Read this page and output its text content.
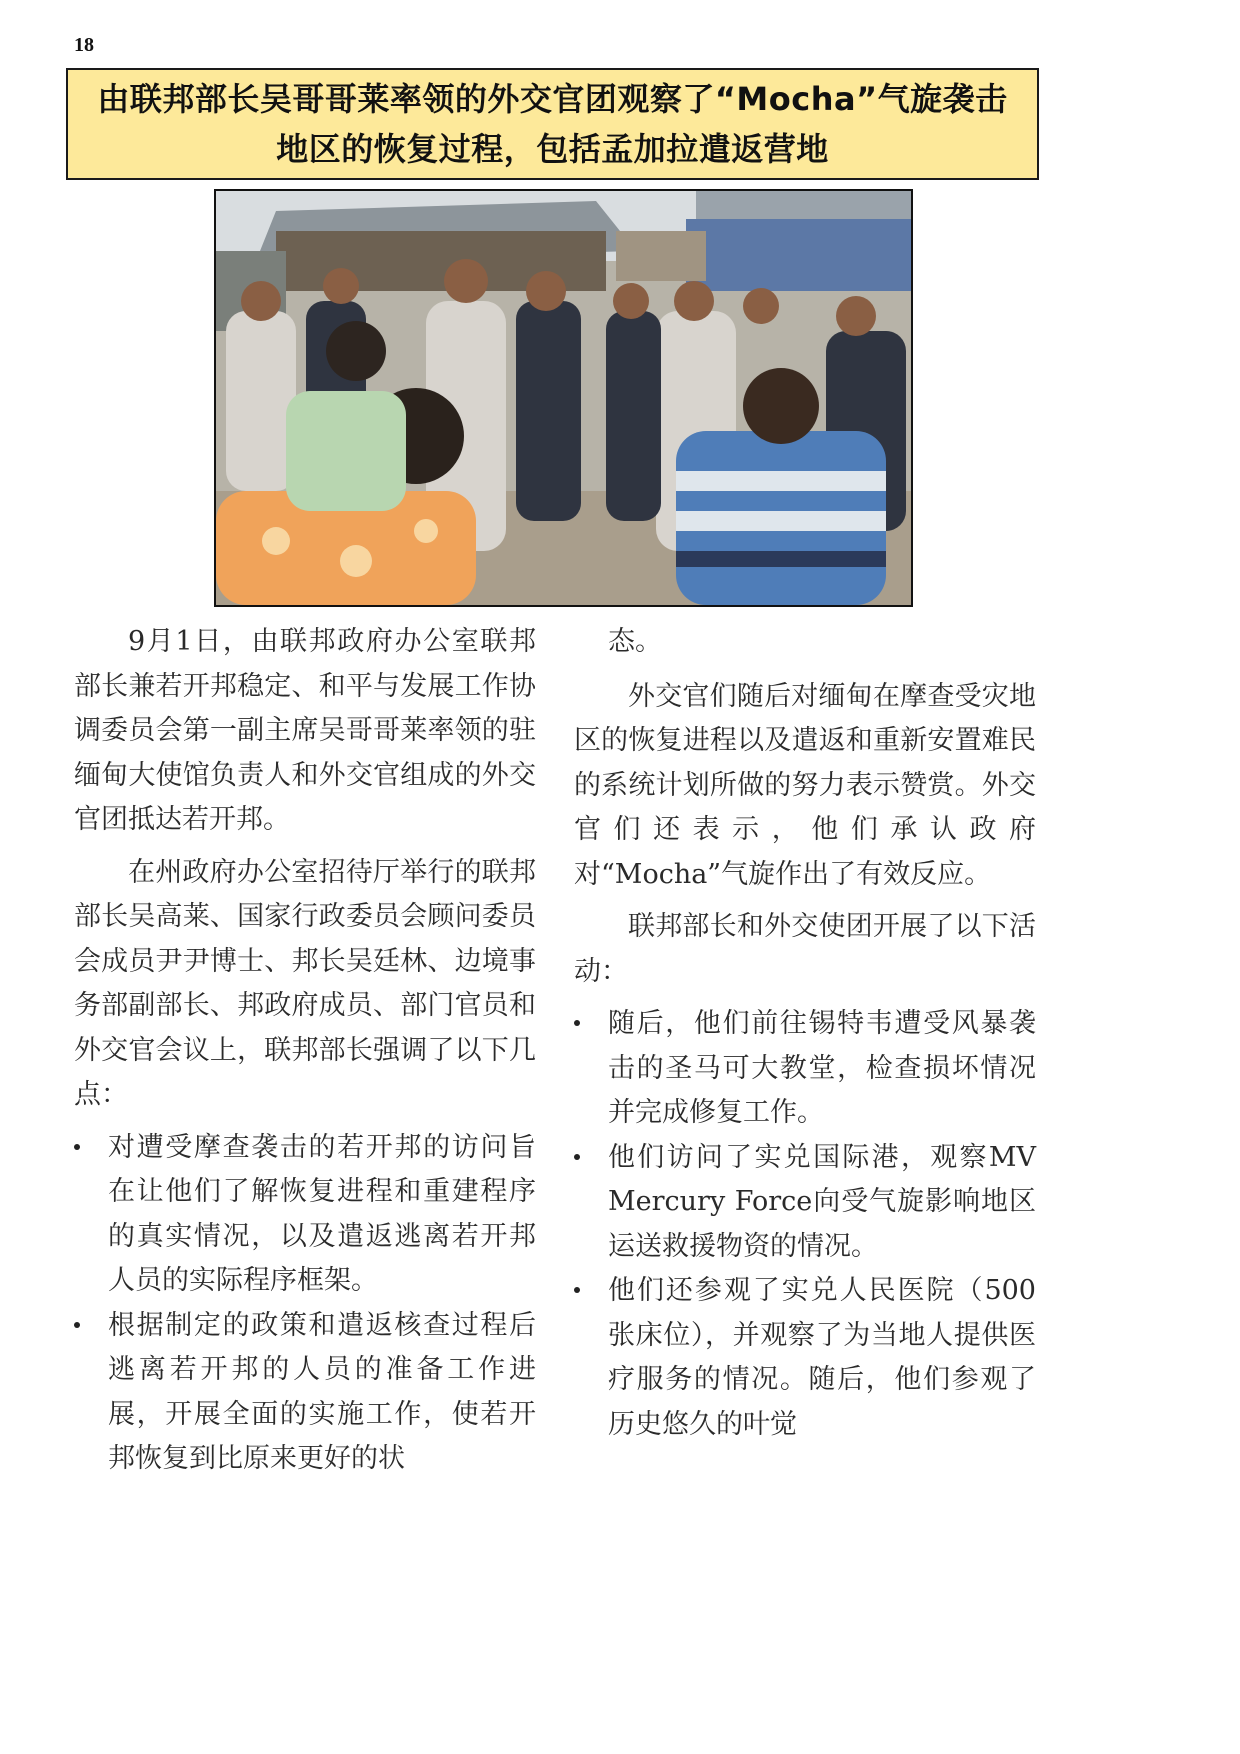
18
由联邦部长吴哥哥莱率领的外交官团观察了“Mocha”气旋袭击地区的恢复过程，包括孟加拉遣返营地

9月1日，由联邦政府办公室联邦部长兼若开邦稳定、和平与发展工作协调委员会第一副主席吴哥哥莱率领的驻缅甸大使馆负责人和外交官组成的外交官团抵达若开邦。

在州政府办公室招待厅举行的联邦部长吴高莱、国家行政委员会顾问委员会成员尹尹博士、邦长吴廷林、边境事务部副部长、邦政府成员、部门官员和外交官会议上，联邦部长强调了以下几点：

对遭受摩查袭击的若开邦的访问旨在让他们了解恢复进程和重建程序的真实情况，以及遣返逃离若开邦人员的实际程序框架。
根据制定的政策和遣返核查过程后逃离若开邦的人员的准备工作进展，开展全面的实施工作，使若开邦恢复到比原来更好的状

态。

外交官们随后对缅甸在摩查受灾地区的恢复进程以及遣返和重新安置难民的系统计划所做的努力表示赞赏。外交官们还表示，他们承认政府对“Mocha”气旋作出了有效反应。

联邦部长和外交使团开展了以下活动：

随后，他们前往锡特韦遭受风暴袭击的圣马可大教堂，检查损坏情况并完成修复工作。
他们访问了实兑国际港，观察MV Mercury Force向受气旋影响地区运送救援物资的情况。
他们还参观了实兑人民医院（500张床位），并观察了为当地人提供医疗服务的情况。随后，他们参观了历史悠久的叶觉
